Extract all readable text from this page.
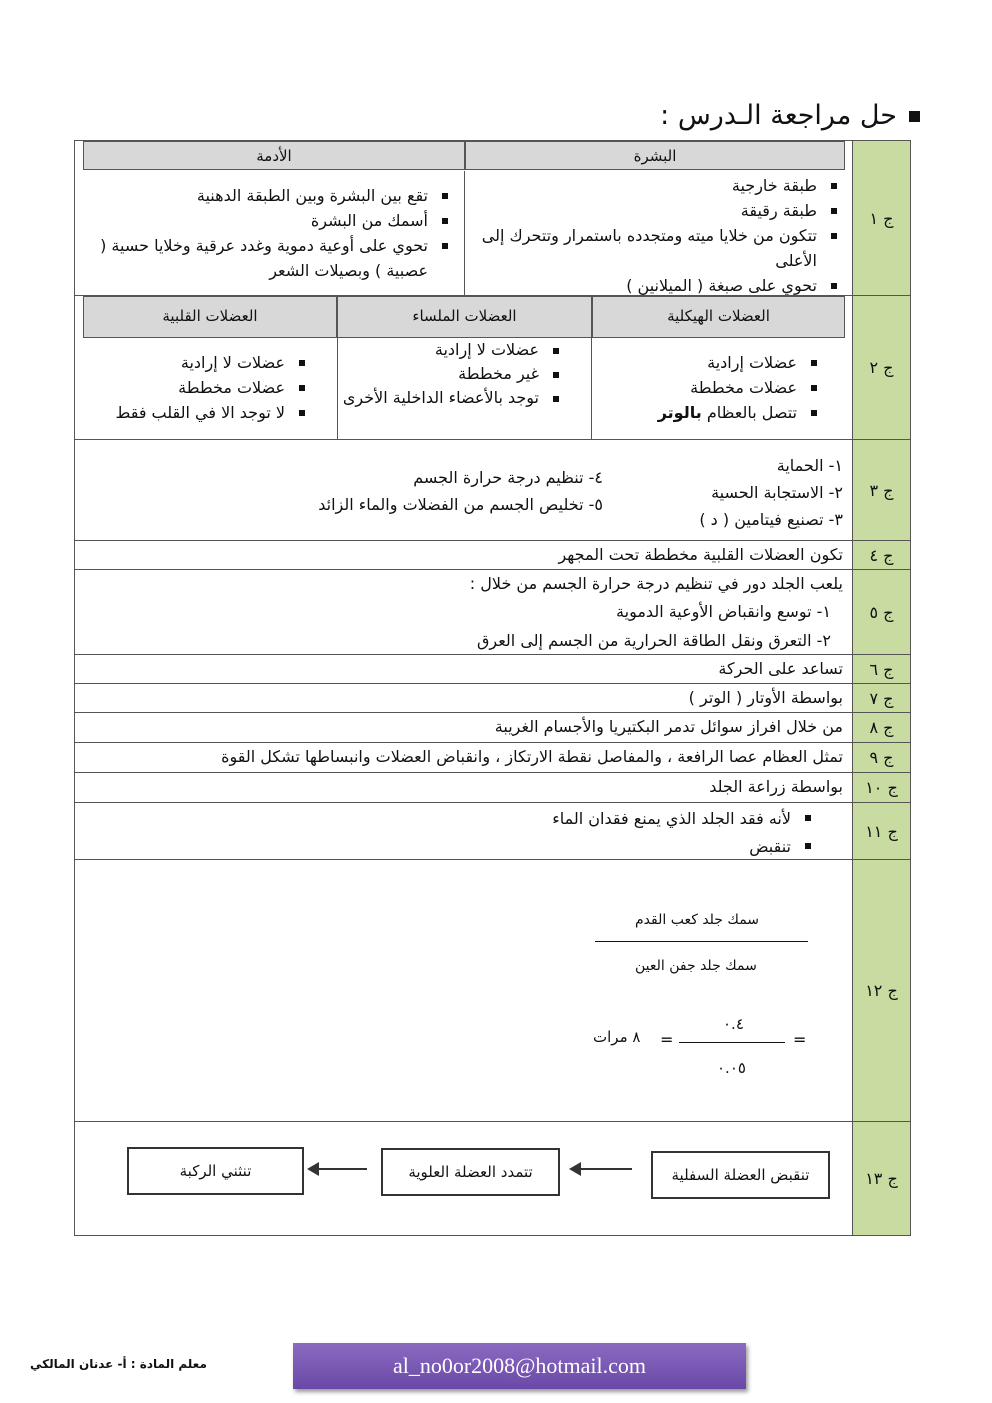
حل مراجعة الـدرس :
ج ١
البشرة
الأدمة
طبقة خارجية
طبقة رقيقة
تتكون من خلايا ميته ومتجدده باستمرار وتتحرك إلى الأعلى
تحوي على صبغة ( الميلانين )
تقع بين البشرة وبين الطبقة الدهنية
أسمك من البشرة
تحوي على أوعية دموية وغدد عرقية وخلايا حسية ( عصبية ) وبصيلات الشعر
ج ٢
العضلات الهيكلية
العضلات الملساء
العضلات القلبية
عضلات إرادية
عضلات مخططة
تتصل بالعظام بالوتر
عضلات لا إرادية
غير مخططة
توجد بالأعضاء الداخلية الأخرى
عضلات لا إرادية
عضلات مخططة
لا توجد الا في القلب فقط
ج ٣
١- الحماية
٢- الاستجابة الحسية
٣- تصنيع فيتامين ( د )
٤- تنظيم درجة حرارة الجسم
٥- تخليص الجسم من الفضلات والماء الزائد
ج ٤
تكون العضلات القلبية مخططة تحت المجهر
ج ٥
يلعب الجلد دور في تنظيم درجة حرارة الجسم من خلال :
١- توسع وانقباض الأوعية الدموية
٢- التعرق ونقل الطاقة الحرارية من الجسم إلى العرق
ج ٦
تساعد على الحركة
ج ٧
بواسطة الأوتار ( الوتر )
ج ٨
من خلال افراز سوائل تدمر البكتيريا والأجسام الغريبة
ج ٩
تمثل العظام عصا الرافعة ، والمفاصل نقطة الارتكاز ، وانقباض العضلات وانبساطها تشكل القوة
ج ١٠
بواسطة زراعة الجلد
ج ١١
لأنه فقد الجلد الذي يمنع فقدان الماء
تنقبض
ج ١٢
سمك جلد كعب القدم
سمك جلد جفن العين
=
٠.٤
٠.٠٥
=
٨ مرات
ج ١٣
تنقبض العضلة السفلية
تتمدد العضلة العلوية
تنثني الركبة
al_no0or2008@hotmail.com
معلم المادة : أ- عدنان المالكي
